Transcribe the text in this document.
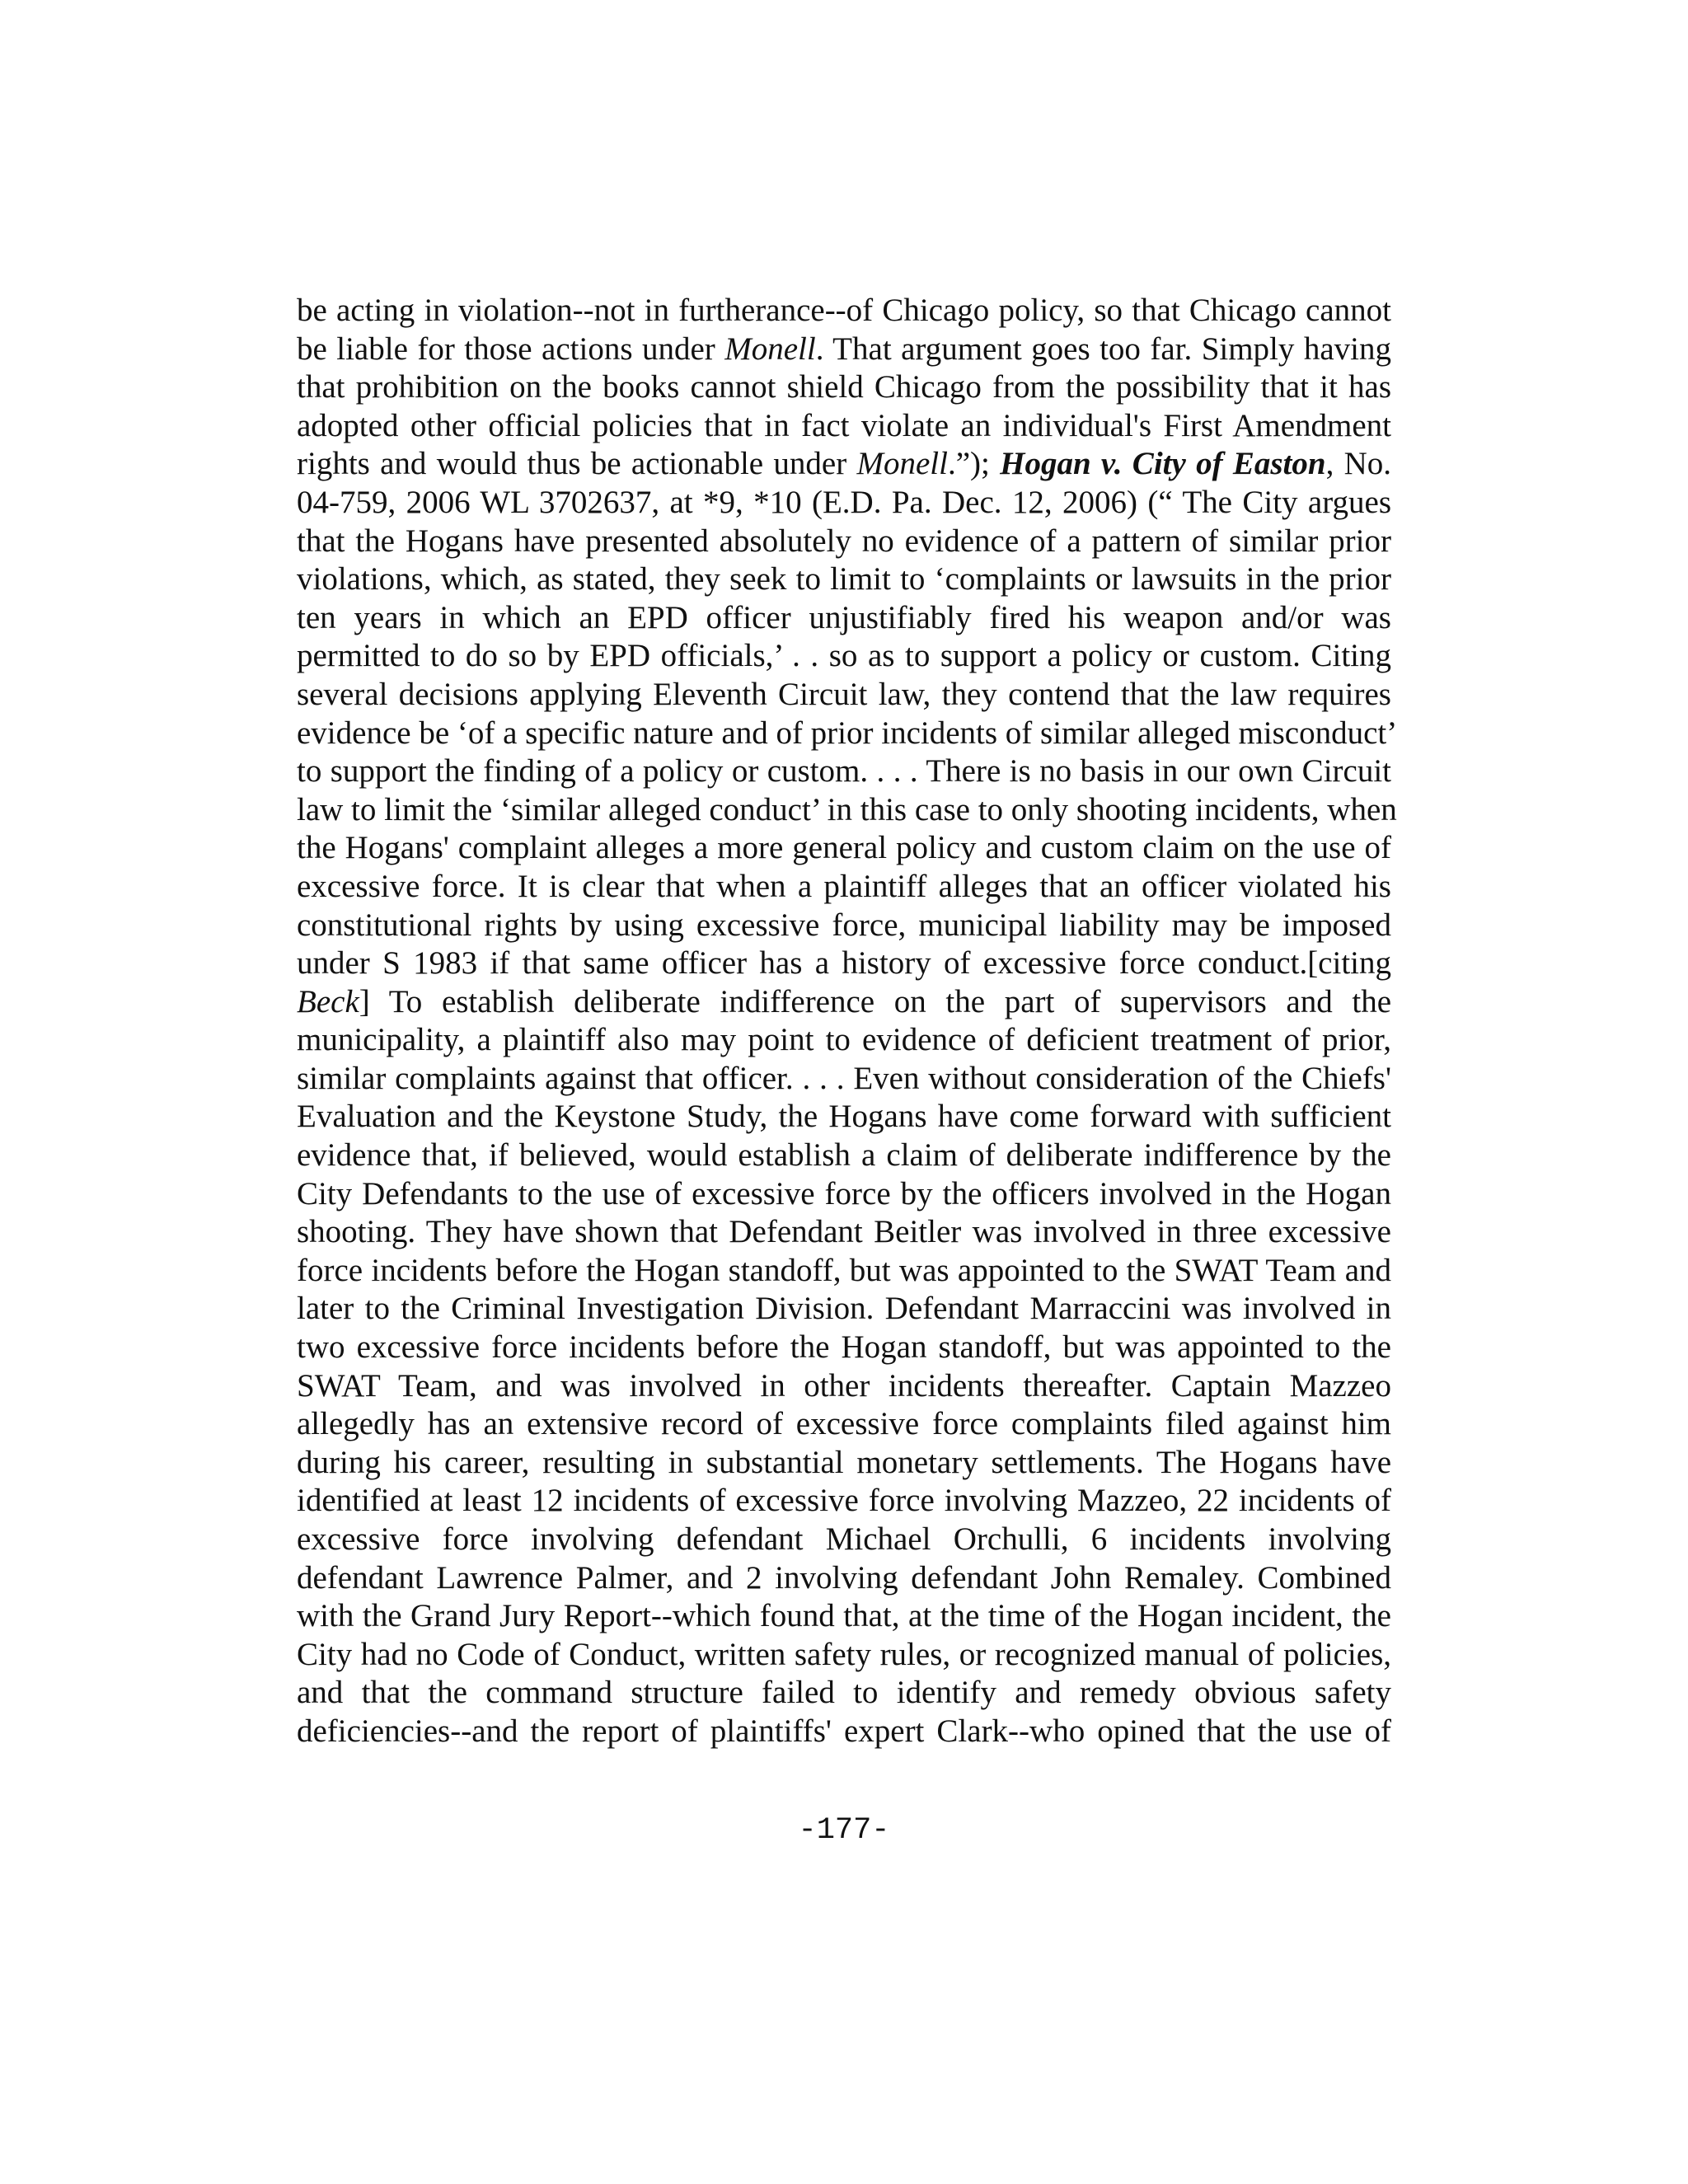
be acting in violation--not in furtherance--of Chicago policy, so that Chicago cannot
be liable for those actions under Monell. That argument goes too far. Simply having
that prohibition on the books cannot shield Chicago from the possibility that it has
adopted other official policies that in fact violate an individual's First Amendment
rights and would thus be actionable under Monell.”); Hogan v. City of Easton, No.
04-759, 2006 WL 3702637, at *9, *10 (E.D. Pa. Dec. 12, 2006) (“ The City argues
that the Hogans have presented absolutely no evidence of a pattern of similar prior
violations, which, as stated, they seek to limit to ‘complaints or lawsuits in the prior
ten years in which an EPD officer unjustifiably fired his weapon and/or was
permitted to do so by EPD officials,’ . . so as to support a policy or custom. Citing
several decisions applying Eleventh Circuit law, they contend that the law requires
evidence be ‘of a specific nature and of prior incidents of similar alleged misconduct’
to support the finding of a policy or custom. . . . There is no basis in our own Circuit
law to limit the ‘similar alleged conduct’ in this case to only shooting incidents, when
the Hogans' complaint alleges a more general policy and custom claim on the use of
excessive force. It is clear that when a plaintiff alleges that an officer violated his
constitutional rights by using excessive force, municipal liability may be imposed
under S 1983 if that same officer has a history of excessive force conduct.[citing
Beck] To establish deliberate indifference on the part of supervisors and the
municipality, a plaintiff also may point to evidence of deficient treatment of prior,
similar complaints against that officer. . . . Even without consideration of the Chiefs'
Evaluation and the Keystone Study, the Hogans have come forward with sufficient
evidence that, if believed, would establish a claim of deliberate indifference by the
City Defendants to the use of excessive force by the officers involved in the Hogan
shooting. They have shown that Defendant Beitler was involved in three excessive
force incidents before the Hogan standoff, but was appointed to the SWAT Team and
later to the Criminal Investigation Division. Defendant Marraccini was involved in
two excessive force incidents before the Hogan standoff, but was appointed to the
SWAT Team, and was involved in other incidents thereafter. Captain Mazzeo
allegedly has an extensive record of excessive force complaints filed against him
during his career, resulting in substantial monetary settlements. The Hogans have
identified at least 12 incidents of excessive force involving Mazzeo, 22 incidents of
excessive force involving defendant Michael Orchulli, 6 incidents involving
defendant Lawrence Palmer, and 2 involving defendant John Remaley. Combined
with the Grand Jury Report--which found that, at the time of the Hogan incident, the
City had no Code of Conduct, written safety rules, or recognized manual of policies,
and that the command structure failed to identify and remedy obvious safety
deficiencies--and the report of plaintiffs' expert Clark--who opined that the use of
-177-
